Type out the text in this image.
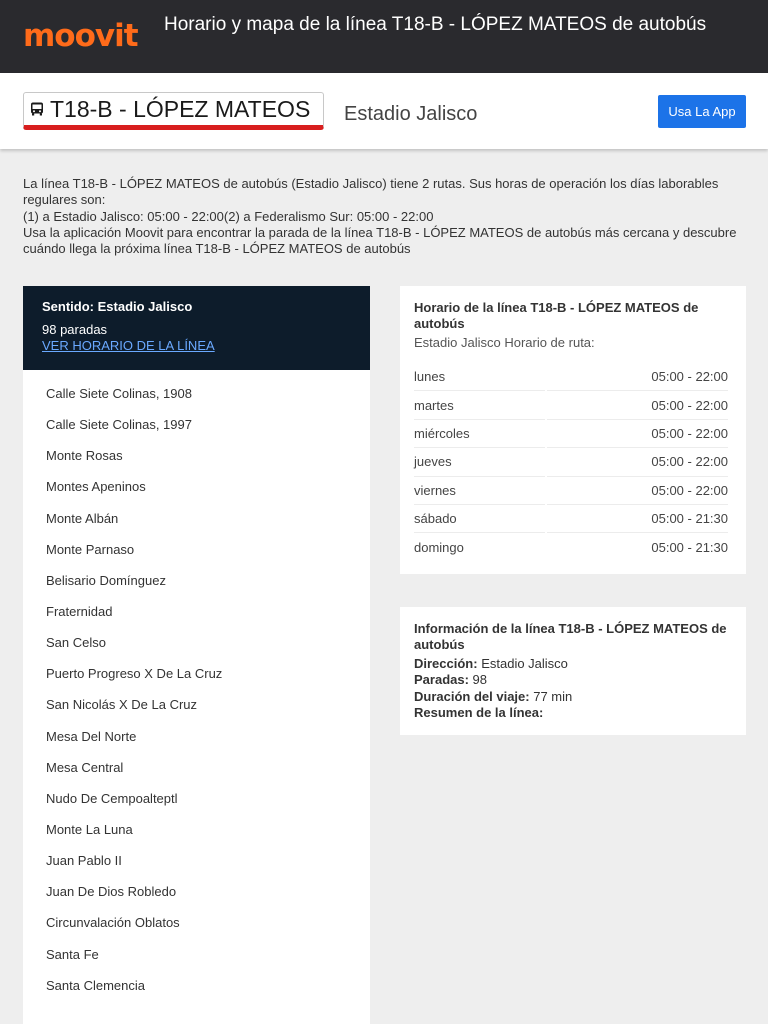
moovit Horario y mapa de la línea T18-B - LÓPEZ MATEOS de autobús
T18-B - LÓPEZ MATEOS Estadio Jalisco	Usa La App
La línea T18-B - LÓPEZ MATEOS de autobús (Estadio Jalisco) tiene 2 rutas. Sus horas de operación los días laborables regulares son:
(1) a Estadio Jalisco: 05:00 - 22:00(2) a Federalismo Sur: 05:00 - 22:00
Usa la aplicación Moovit para encontrar la parada de la línea T18-B - LÓPEZ MATEOS de autobús más cercana y descubre cuándo llega la próxima línea T18-B - LÓPEZ MATEOS de autobús
Sentido: Estadio Jalisco
98 paradas
VER HORARIO DE LA LÍNEA
Calle Siete Colinas, 1908
Calle Siete Colinas, 1997
Monte Rosas
Montes Apeninos
Monte Albán
Monte Parnaso
Belisario Domínguez
Fraternidad
San Celso
Puerto Progreso X De La Cruz
San Nicolás X De La Cruz
Mesa Del Norte
Mesa Central
Nudo De Cempoalteptl
Monte La Luna
Juan Pablo II
Juan De Dios Robledo
Circunvalación Oblatos
Santa Fe
Santa Clemencia
Horario de la línea T18-B - LÓPEZ MATEOS de autobús
Estadio Jalisco Horario de ruta:
lunes	05:00 - 22:00
martes	05:00 - 22:00
miércoles	05:00 - 22:00
jueves	05:00 - 22:00
viernes	05:00 - 22:00
sábado	05:00 - 21:30
domingo	05:00 - 21:30
Información de la línea T18-B - LÓPEZ MATEOS de autobús
Dirección: Estadio Jalisco
Paradas: 98
Duración del viaje: 77 min
Resumen de la línea:
